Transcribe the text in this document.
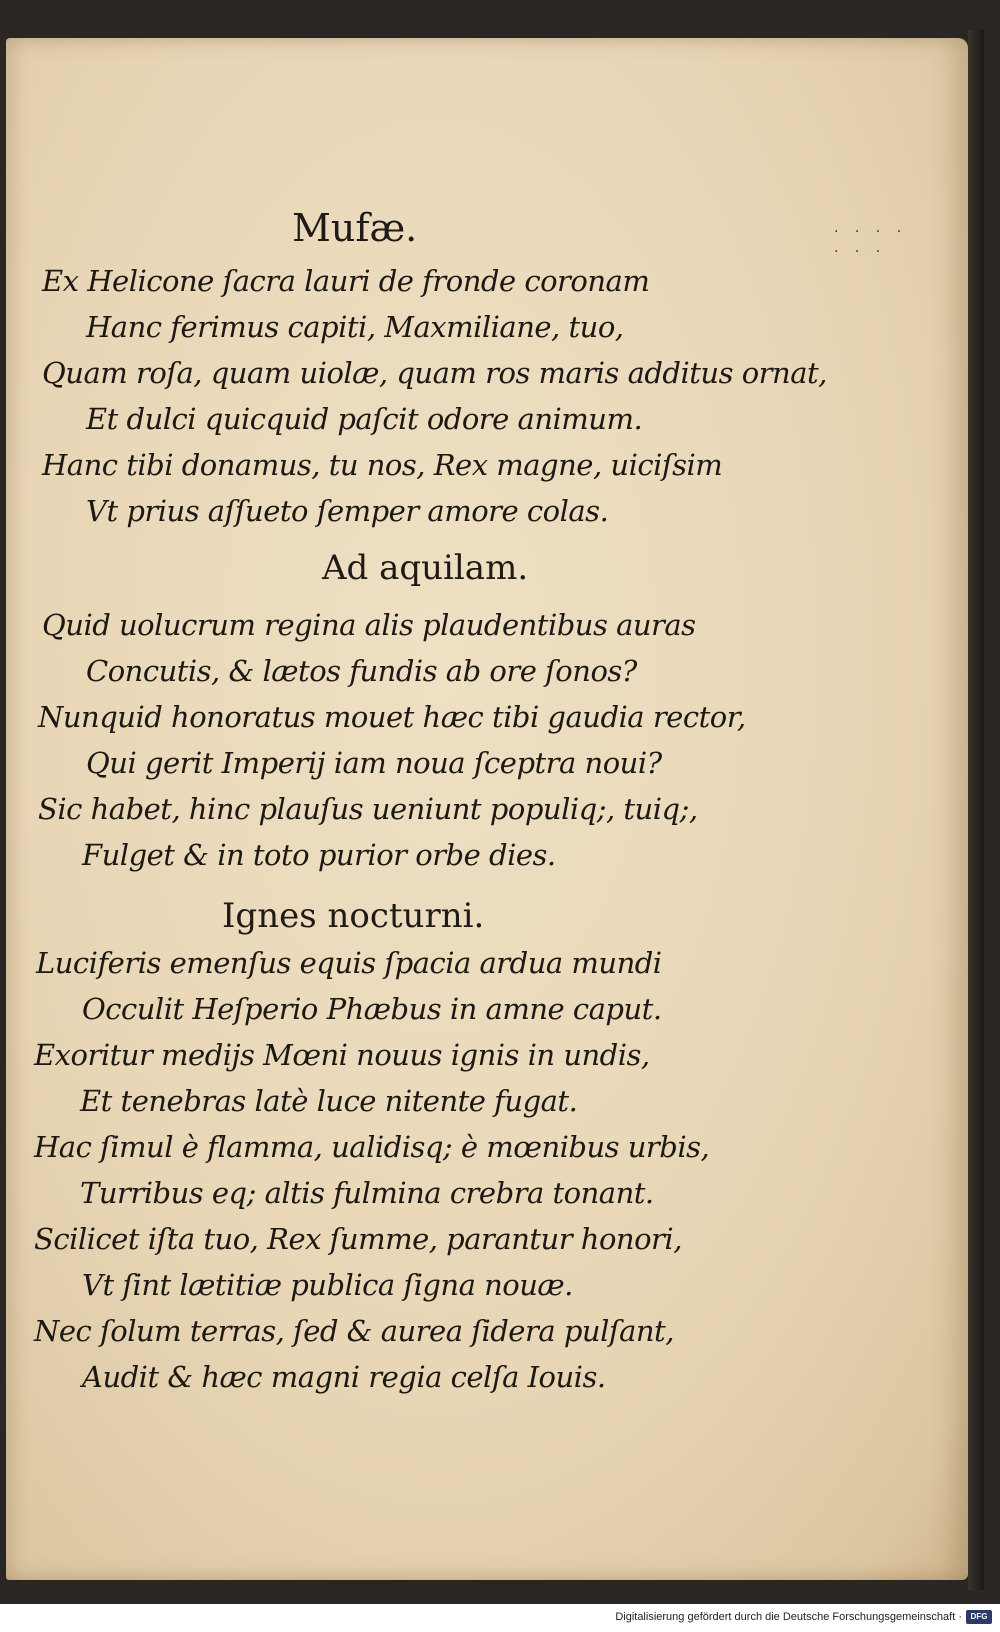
· · · ·
· · ·
Mufæ.
Ex Helicone ſacra lauri de fronde coronam
Hanc ferimus capiti, Maxmiliane, tuo,
Quam roſa, quam uiolæ, quam ros maris additus ornat,
Et dulci quicquid paſcit odore animum.
Hanc tibi donamus, tu nos, Rex magne, uiciſsim
Vt prius aſſueto ſemper amore colas.
Ad aquilam.
Quid uolucrum regina alis plaudentibus auras
Concutis, & lætos fundis ab ore ſonos?
Nunquid honoratus mouet hæc tibi gaudia rector,
Qui gerit Imperij iam noua ſceptra noui?
Sic habet, hinc plauſus ueniunt populiq;, tuiq;,
Fulget & in toto purior orbe dies.
Ignes nocturni.
Luciferis emenſus equis ſpacia ardua mundi
Occulit Heſperio Phæbus in amne caput.
Exoritur medijs Mœni nouus ignis in undis,
Et tenebras latè luce nitente fugat.
Hac ſimul è flamma, ualidisq; è mœnibus urbis,
Turribus eq; altis fulmina crebra tonant.
Scilicet iſta tuo, Rex ſumme, parantur honori,
Vt ſint lætitiæ publica ſigna nouæ.
Nec ſolum terras, ſed & aurea ſidera pulſant,
Audit & hæc magni regia celſa Iouis.
Digitalisierung gefördert durch die Deutsche Forschungsgemeinschaft ·	DFG
